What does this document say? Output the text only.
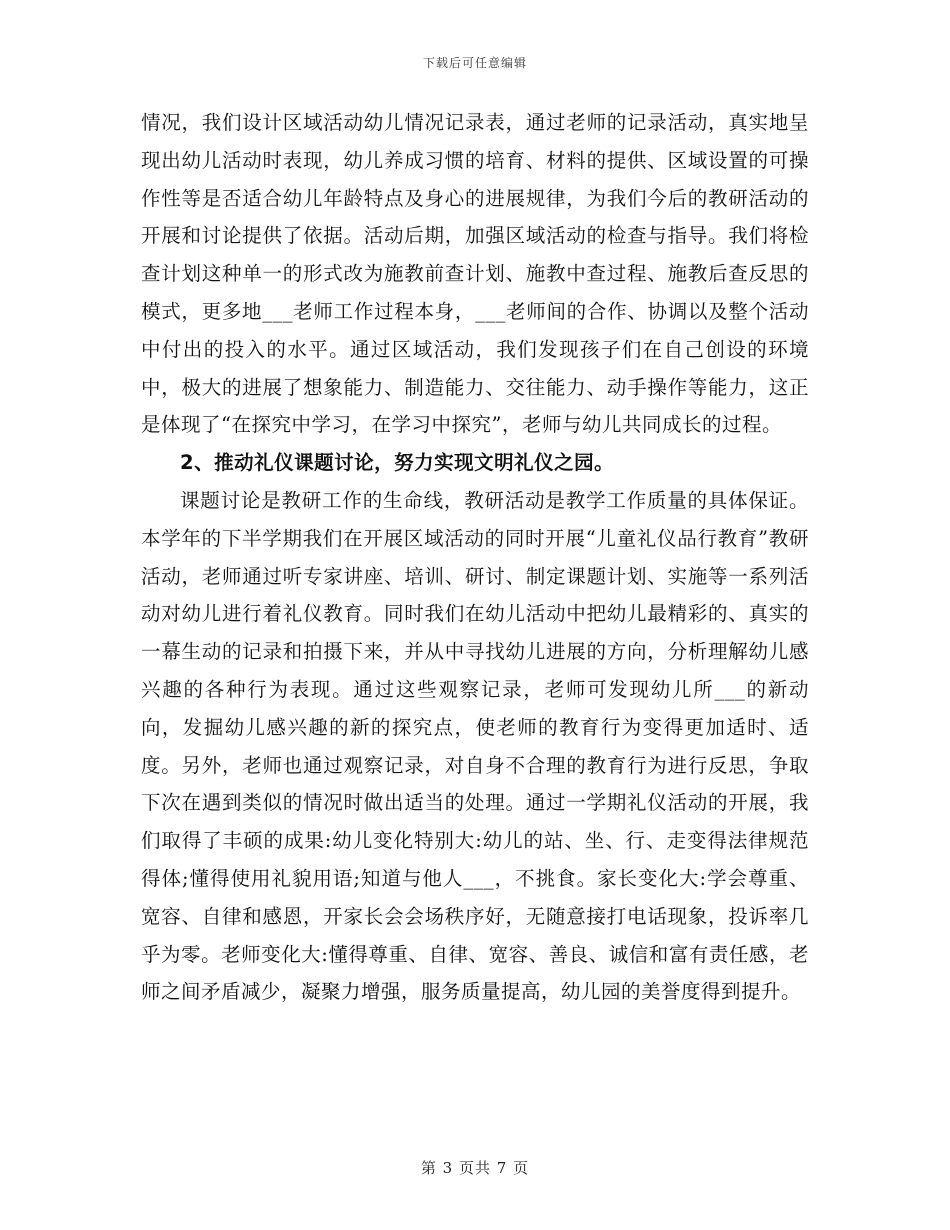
下载后可任意编辑

情况，我们设计区域活动幼儿情况记录表，通过老师的记录活动，真实地呈现出幼儿活动时表现，幼儿养成习惯的培育、材料的提供、区域设置的可操作性等是否适合幼儿年龄特点及身心的进展规律，为我们今后的教研活动的开展和讨论提供了依据。活动后期，加强区域活动的检查与指导。我们将检查计划这种单一的形式改为施教前查计划、施教中查过程、施教后查反思的模式，更多地___老师工作过程本身，___老师间的合作、协调以及整个活动中付出的投入的水平。通过区域活动，我们发现孩子们在自己创设的环境中，极大的进展了想象能力、制造能力、交往能力、动手操作等能力，这正是体现了“在探究中学习，在学习中探究”，老师与幼儿共同成长的过程。

2、推动礼仪课题讨论，努力实现文明礼仪之园。

课题讨论是教研工作的生命线，教研活动是教学工作质量的具体保证。本学年的下半学期我们在开展区域活动的同时开展“儿童礼仪品行教育”教研活动，老师通过听专家讲座、培训、研讨、制定课题计划、实施等一系列活动对幼儿进行着礼仪教育。同时我们在幼儿活动中把幼儿最精彩的、真实的一幕生动的记录和拍摄下来，并从中寻找幼儿进展的方向，分析理解幼儿感兴趣的各种行为表现。通过这些观察记录，老师可发现幼儿所___的新动向，发掘幼儿感兴趣的新的探究点，使老师的教育行为变得更加适时、适度。另外，老师也通过观察记录，对自身不合理的教育行为进行反思，争取下次在遇到类似的情况时做出适当的处理。通过一学期礼仪活动的开展，我们取得了丰硕的成果:幼儿变化特别大:幼儿的站、坐、行、走变得法律规范得体;懂得使用礼貌用语;知道与他人___，不挑食。家长变化大:学会尊重、宽容、自律和感恩，开家长会会场秩序好，无随意接打电话现象，投诉率几乎为零。老师变化大:懂得尊重、自律、宽容、善良、诚信和富有责任感，老师之间矛盾减少，凝聚力增强，服务质量提高，幼儿园的美誉度得到提升。

第 3 页共 7 页
